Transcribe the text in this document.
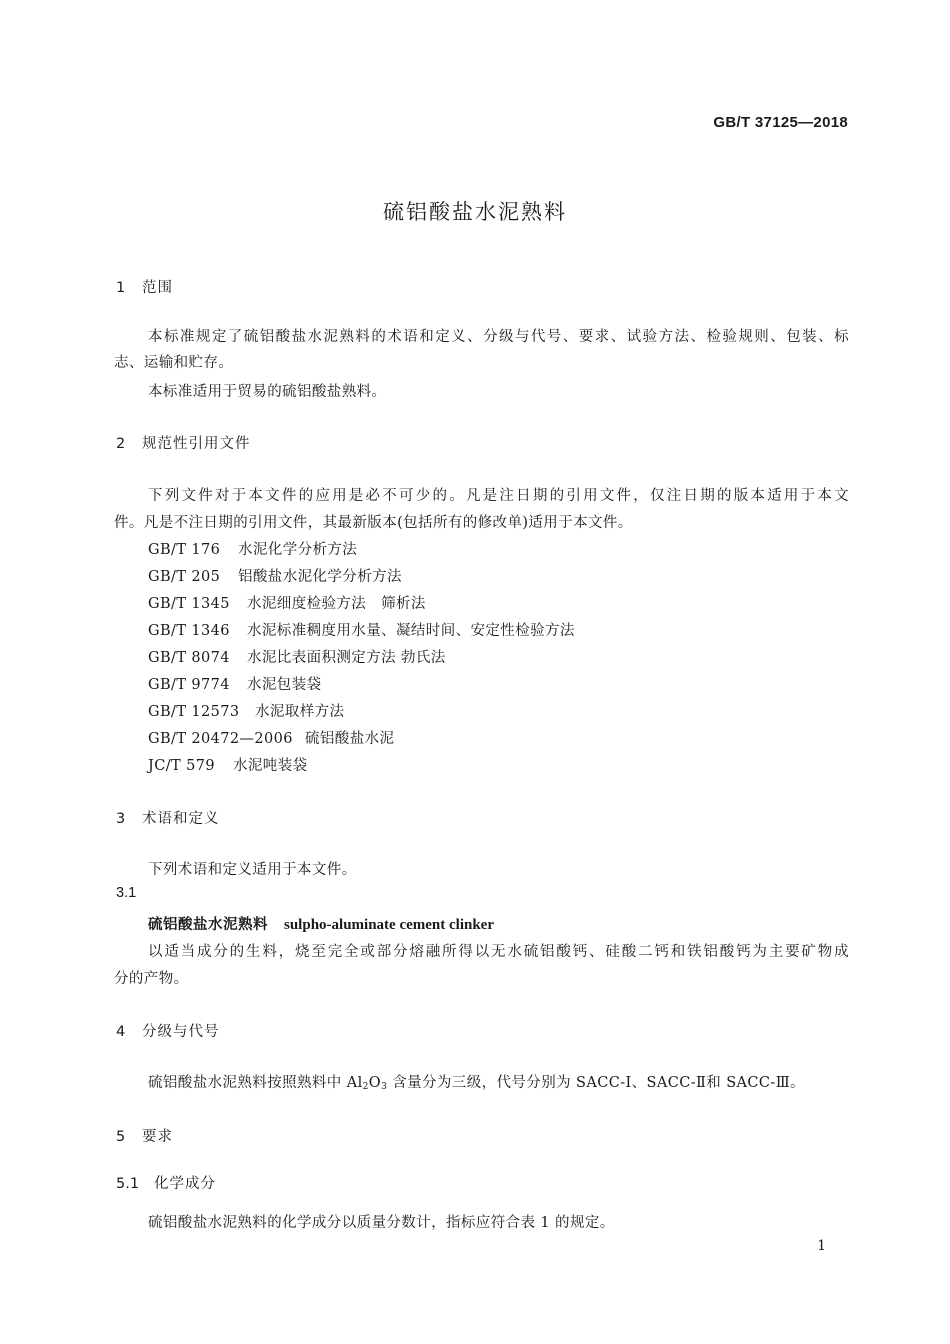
GB/T 37125—2018
硫铝酸盐水泥熟料
1 范围
本标准规定了硫铝酸盐水泥熟料的术语和定义、分级与代号、要求、试验方法、检验规则、包装、标
志、运输和贮存。
本标准适用于贸易的硫铝酸盐熟料。
2 规范性引用文件
下列文件对于本文件的应用是必不可少的。凡是注日期的引用文件，仅注日期的版本适用于本文
件。凡是不注日期的引用文件，其最新版本(包括所有的修改单)适用于本文件。
GB/T 176 水泥化学分析方法
GB/T 205 铝酸盐水泥化学分析方法
GB/T 1345 水泥细度检验方法　筛析法
GB/T 1346 水泥标准稠度用水量、凝结时间、安定性检验方法
GB/T 8074 水泥比表面积测定方法 勃氏法
GB/T 9774 水泥包装袋
GB/T 12573 水泥取样方法
GB/T 20472—2006 硫铝酸盐水泥
JC/T 579 水泥吨装袋
3 术语和定义
下列术语和定义适用于本文件。
3.1
硫铝酸盐水泥熟料 sulpho-aluminate cement clinker
以适当成分的生料，烧至完全或部分熔融所得以无水硫铝酸钙、硅酸二钙和铁铝酸钙为主要矿物成
分的产物。
4 分级与代号
硫铝酸盐水泥熟料按照熟料中 $Al_2O_3$ 含量分为三级，代号分别为 SACC-Ⅰ、SACC-Ⅱ和 SACC-Ⅲ。
5 要求
5.1 化学成分
硫铝酸盐水泥熟料的化学成分以质量分数计，指标应符合表 1 的规定。
1
